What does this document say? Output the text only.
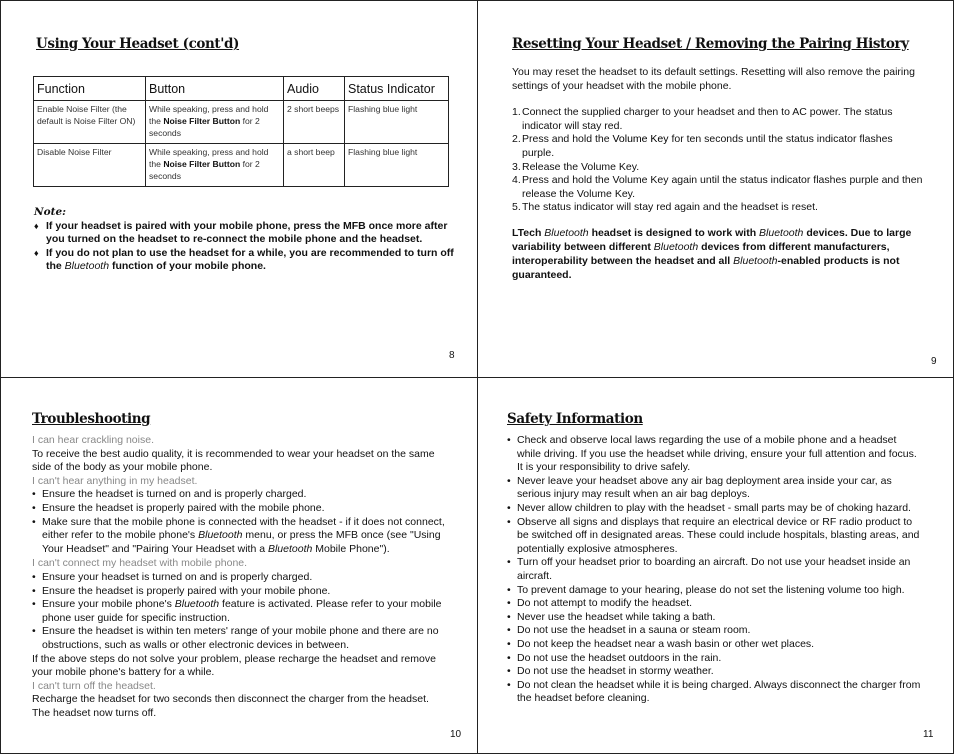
Using Your Headset (cont'd)
Function	Button	Audio	Status Indicator
Enable Noise Filter (the default is Noise Filter ON)	While speaking, press and hold the Noise Filter Button for 2 seconds	2 short beeps	Flashing blue light
Disable Noise Filter	While speaking, press and hold the Noise Filter Button for 2 seconds	a short beep	Flashing blue light
Note:
♦ If your headset is paired with your mobile phone, press the MFB once more after you turned on the headset to re-connect the mobile phone and the headset.
♦ If you do not plan to use the headset for a while, you are recommended to turn off the Bluetooth function of your mobile phone.
8
Resetting Your Headset / Removing the Pairing History

You may reset the headset to its default settings. Resetting will also remove the pairing settings of your headset with the mobile phone.

1. Connect the supplied charger to your headset and then to AC power. The status indicator will stay red.
2. Press and hold the Volume Key for ten seconds until the status indicator flashes purple.
3. Release the Volume Key.
4. Press and hold the Volume Key again until the status indicator flashes purple and then release the Volume Key.
5. The status indicator will stay red again and the headset is reset.
LTech Bluetooth headset is designed to work with Bluetooth devices. Due to large variability between different Bluetooth devices from different manufacturers, interoperability between the headset and all Bluetooth-enabled products is not guaranteed.
9
Troubleshooting

I can hear crackling noise.

To receive the best audio quality, it is recommended to wear your headset on the same side of the body as your mobile phone.

I can't hear anything in my headset.

• Ensure the headset is turned on and is properly charged.
• Ensure the headset is properly paired with the mobile phone.
• Make sure that the mobile phone is connected with the headset - if it does not connect, either refer to the mobile phone's Bluetooth menu, or press the MFB once (see "Using Your Headset" and "Pairing Your Headset with a Bluetooth Mobile Phone").

I can't connect my headset with mobile phone.

• Ensure your headset is turned on and is properly charged.
• Ensure the headset is properly paired with your mobile phone.
• Ensure your mobile phone's Bluetooth feature is activated. Please refer to your mobile phone user guide for specific instruction.
• Ensure the headset is within ten meters' range of your mobile phone and there are no obstructions, such as walls or other electronic devices in between.

If the above steps do not solve your problem, please recharge the headset and remove your mobile phone's battery for a while.

I can't turn off the headset.

Recharge the headset for two seconds then disconnect the charger from the headset. The headset now turns off.

10
Safety Information
• Check and observe local laws regarding the use of a mobile phone and a headset while driving. If you use the headset while driving, ensure your full attention and focus. It is your responsibility to drive safely.
• Never leave your headset above any air bag deployment area inside your car, as serious injury may result when an air bag deploys.
• Never allow children to play with the headset - small parts may be of choking hazard.
• Observe all signs and displays that require an electrical device or RF radio product to be switched off in designated areas. These could include hospitals, blasting areas, and potentially explosive atmospheres.
• Turn off your headset prior to boarding an aircraft. Do not use your headset inside an aircraft.
• To prevent damage to your hearing, please do not set the listening volume too high.
• Do not attempt to modify the headset.
• Never use the headset while taking a bath.
• Do not use the headset in a sauna or steam room.
• Do not keep the headset near a wash basin or other wet places.
• Do not use the headset outdoors in the rain.
• Do not use the headset in stormy weather.
• Do not clean the headset while it is being charged. Always disconnect the charger from the headset before cleaning.
11
